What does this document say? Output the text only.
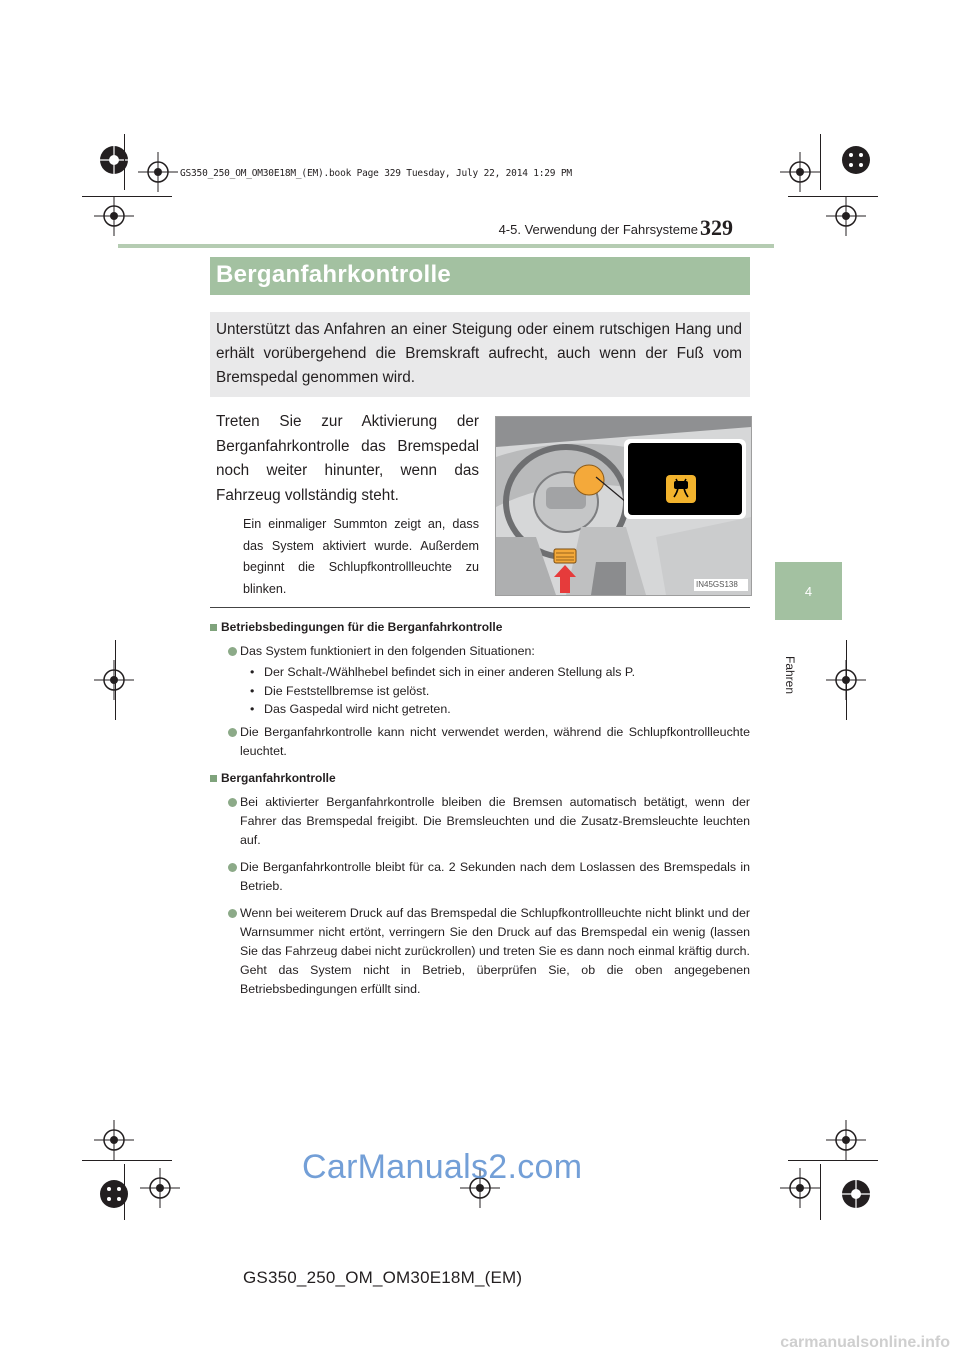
GS350_250_OM_OM30E18M_(EM).book Page 329 Tuesday, July 22, 2014 1:29 PM
4-5. Verwendung der Fahrsysteme 329
4
Fahren
Berganfahrkontrolle
Unterstützt das Anfahren an einer Steigung oder einem rutschigen Hang und erhält vorübergehend die Bremskraft aufrecht, auch wenn der Fuß vom Bremspedal genommen wird.
Treten Sie zur Aktivierung der Berganfahrkontrolle das Bremspedal noch weiter hinunter, wenn das Fahrzeug vollständig steht.
Ein einmaliger Summton zeigt an, dass das System aktiviert wurde. Außerdem beginnt die Schlupfkontrollleuchte zu blinken.	IN45GS138
Betriebsbedingungen für die Berganfahrkontrolle
Das System funktioniert in den folgenden Situationen:
• Der Schalt-/Wählhebel befindet sich in einer anderen Stellung als P.
• Die Feststellbremse ist gelöst.
• Das Gaspedal wird nicht getreten.
Die Berganfahrkontrolle kann nicht verwendet werden, während die Schlupfkontrollleuchte leuchtet.
Berganfahrkontrolle
Bei aktivierter Berganfahrkontrolle bleiben die Bremsen automatisch betätigt, wenn der Fahrer das Bremspedal freigibt. Die Bremsleuchten und die Zusatz-Bremsleuchte leuchten auf.
Die Berganfahrkontrolle bleibt für ca. 2 Sekunden nach dem Loslassen des Bremspedals in Betrieb.
Wenn bei weiterem Druck auf das Bremspedal die Schlupfkontrollleuchte nicht blinkt und der Warnsummer nicht ertönt, verringern Sie den Druck auf das Bremspedal ein wenig (lassen Sie das Fahrzeug dabei nicht zurückrollen) und treten Sie es dann noch einmal kräftig durch. Geht das System nicht in Betrieb, überprüfen Sie, ob die oben angegebenen Betriebsbedingungen erfüllt sind.
CarManuals2.com
GS350_250_OM_OM30E18M_(EM)
carmanualsonline.info
